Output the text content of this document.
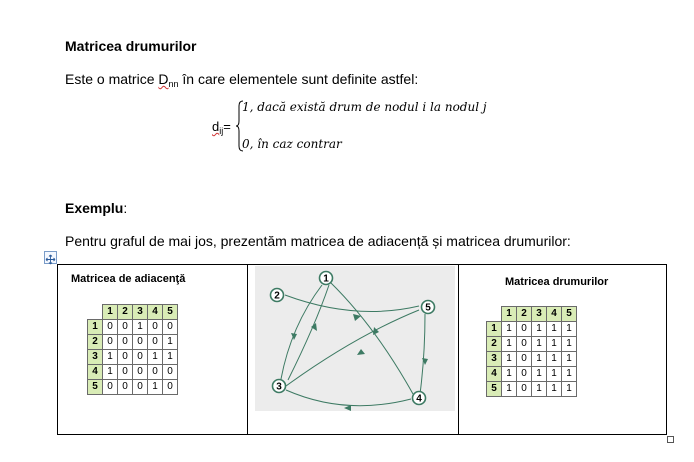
Matricea drumurilor
Este o matrice $D_{nn}$ în care elementele sunt definite astfel:
$d_{ij}=$
1, dacă există drum de nodul i la nodul j
0, în caz contrar
Exemplu:
Pentru graful de mai jos, prezentăm matricea de adiacență și matricea drumurilor:
Matricea de adiacenţă
	1	2	3	4	5
1	0	0	1	0	0
2	0	0	0	0	1
3	1	0	0	1	1
4	1	0	0	0	0
5	0	0	0	1	0
1
2
3
4
5
Matricea drumurilor
	1	2	3	4	5
1	1	0	1	1	1
2	1	0	1	1	1
3	1	0	1	1	1
4	1	0	1	1	1
5	1	0	1	1	1
